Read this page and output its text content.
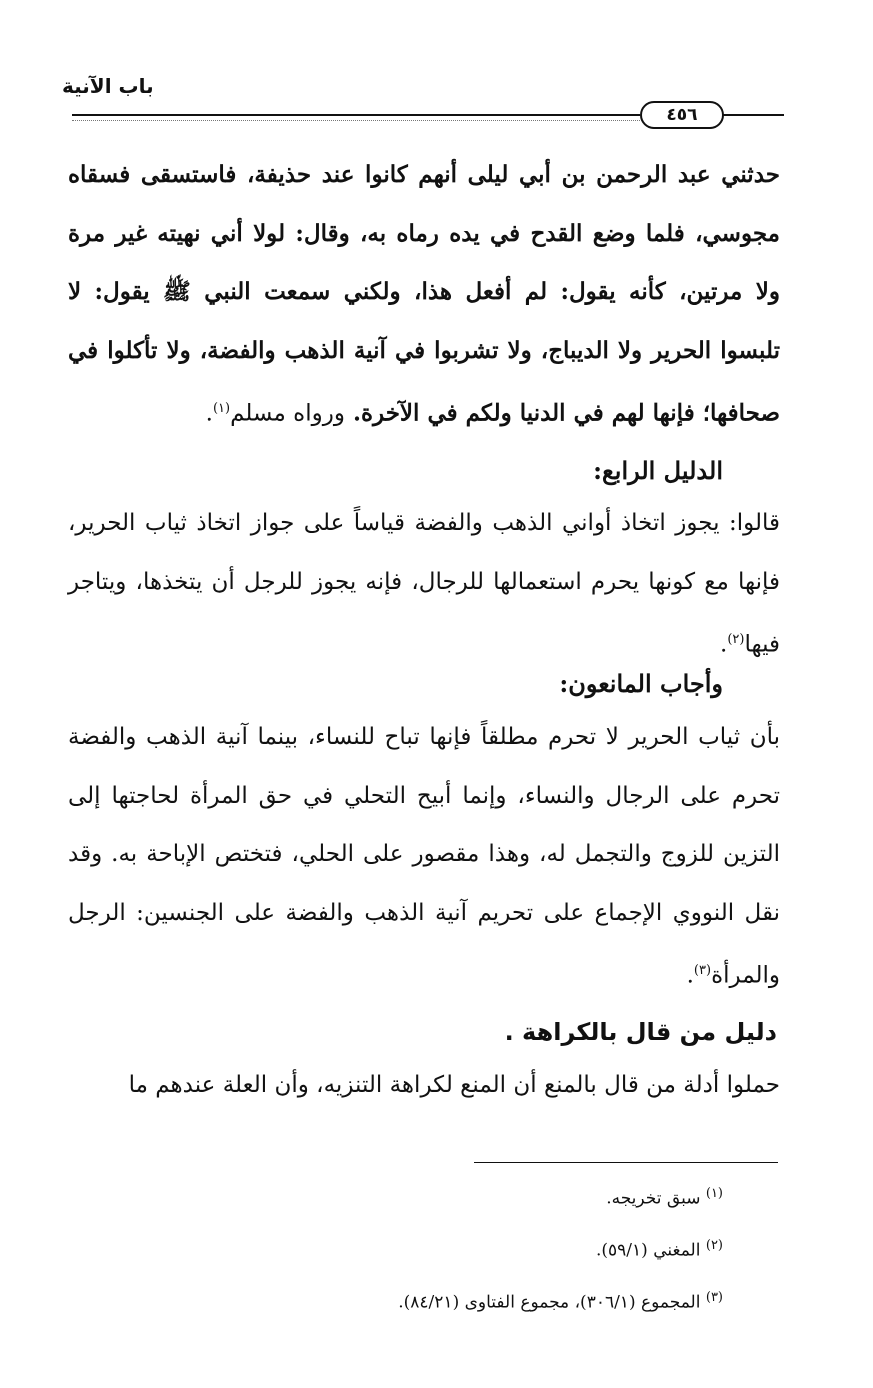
باب الآنية
٤٥٦
حدثني عبد الرحمن بن أبي ليلى أنهم كانوا عند حذيفة، فاستسقى فسقاه مجوسي، فلما وضع القدح في يده رماه به، وقال: لولا أني نهيته غير مرة ولا مرتين، كأنه يقول: لم أفعل هذا، ولكني سمعت النبي ﷺ يقول: لا تلبسوا الحرير ولا الديباج، ولا تشربوا في آنية الذهب والفضة، ولا تأكلوا في صحافها؛ فإنها لهم في الدنيا ولكم في الآخرة. ورواه مسلم$^{(١)}$.
الدليل الرابع:
قالوا: يجوز اتخاذ أواني الذهب والفضة قياساً على جواز اتخاذ ثياب الحرير، فإنها مع كونها يحرم استعمالها للرجال، فإنه يجوز للرجل أن يتخذها، ويتاجر فيها$^{(٢)}$.
وأجاب المانعون:
بأن ثياب الحرير لا تحرم مطلقاً فإنها تباح للنساء، بينما آنية الذهب والفضة تحرم على الرجال والنساء، وإنما أبيح التحلي في حق المرأة لحاجتها إلى التزين للزوج والتجمل له، وهذا مقصور على الحلي، فتختص الإباحة به. وقد نقل النووي الإجماع على تحريم آنية الذهب والفضة على الجنسين: الرجل والمرأة$^{(٣)}$.
دليل من قال بالكراهة .
حملوا أدلة من قال بالمنع أن المنع لكراهة التنزيه، وأن العلة عندهم ما
$^{(١)}$ سبق تخريجه.
$^{(٢)}$ المغني (٥٩/١).
$^{(٣)}$ المجموع (٣٠٦/١)، مجموع الفتاوى (٨٤/٢١).
